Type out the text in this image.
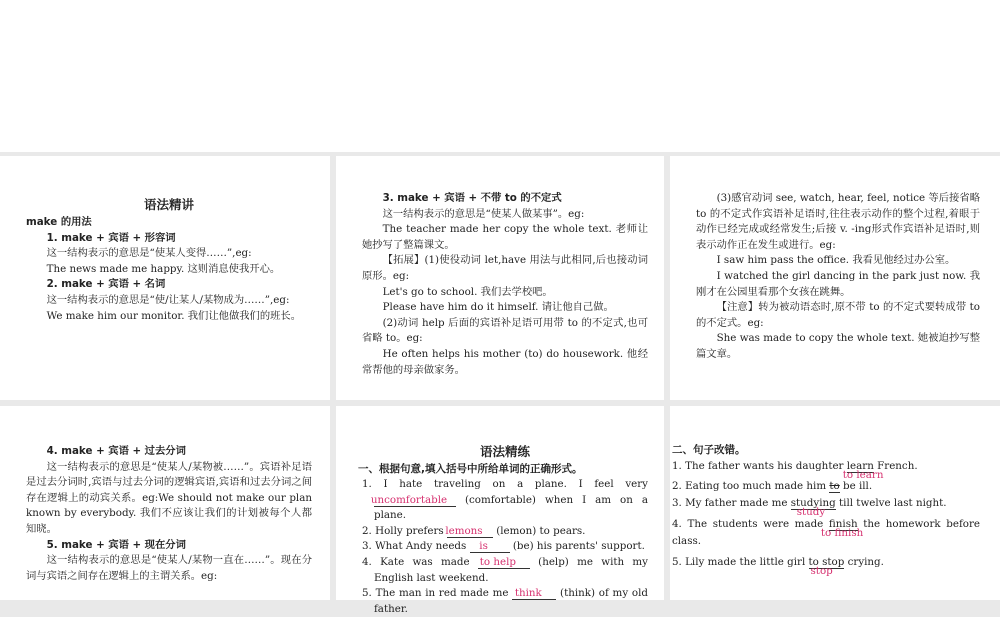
语法精讲

make 的用法

1. make + 宾语 + 形容词

这一结构表示的意思是“使某人变得……”,eg:

The news made me happy. 这则消息使我开心。

2. make + 宾语 + 名词

这一结构表示的意思是“使/让某人/某物成为……”,eg:

We make him our monitor. 我们让他做我们的班长。

3. make + 宾语 + 不带 to 的不定式

这一结构表示的意思是“使某人做某事”。eg:

The teacher made her copy the whole text. 老师让她抄写了整篇课文。

【拓展】(1)使役动词 let,have 用法与此相同,后也接动词原形。eg:

Let's go to school. 我们去学校吧。

Please have him do it himself. 请让他自己做。

(2)动词 help 后面的宾语补足语可用带 to 的不定式,也可省略 to。eg:

He often helps his mother (to) do housework. 他经常帮他的母亲做家务。

(3)感官动词 see, watch, hear, feel, notice 等后接省略 to 的不定式作宾语补足语时,往往表示动作的整个过程,着眼于动作已经完成或经常发生;后接 v. -ing形式作宾语补足语时,则表示动作正在发生或进行。eg:

I saw him pass the office. 我看见他经过办公室。

I watched the girl dancing in the park just now. 我刚才在公园里看那个女孩在跳舞。

【注意】转为被动语态时,原不带 to 的不定式要转成带 to 的不定式。eg:

She was made to copy the whole text. 她被迫抄写整篇文章。

4. make + 宾语 + 过去分词

这一结构表示的意思是“使某人/某物被……”。宾语补足语是过去分词时,宾语与过去分词的逻辑宾语,宾语和过去分词之间存在逻辑上的动宾关系。eg:We should not make our plan known by everybody. 我们不应该让我们的计划被每个人都知晓。

5. make + 宾语 + 现在分词

这一结构表示的意思是“使某人/某物一直在……”。现在分词与宾语之间存在逻辑上的主谓关系。eg:

语法精练

一、根据句意,填入括号中所给单词的正确形式。

1. I hate traveling on a plane. I feel very uncomfortable (comfortable) when I am on a plane.

2. Holly prefers lemons (lemon) to pears.

3. What Andy needs is (be) his parents' support.

4. Kate was made to help (help) me with my English last weekend.

5. The man in red made me think (think) of my old father.

二、句子改错。

1. The father wants his daughter learn
to learn
French.

2. Eating too much made him to be ill.

3. My father made me studying
study
till twelve last night.

4. The students were made finish
to finish
the homework before class.

5. Lily made the little girl to stop
stop
crying.
